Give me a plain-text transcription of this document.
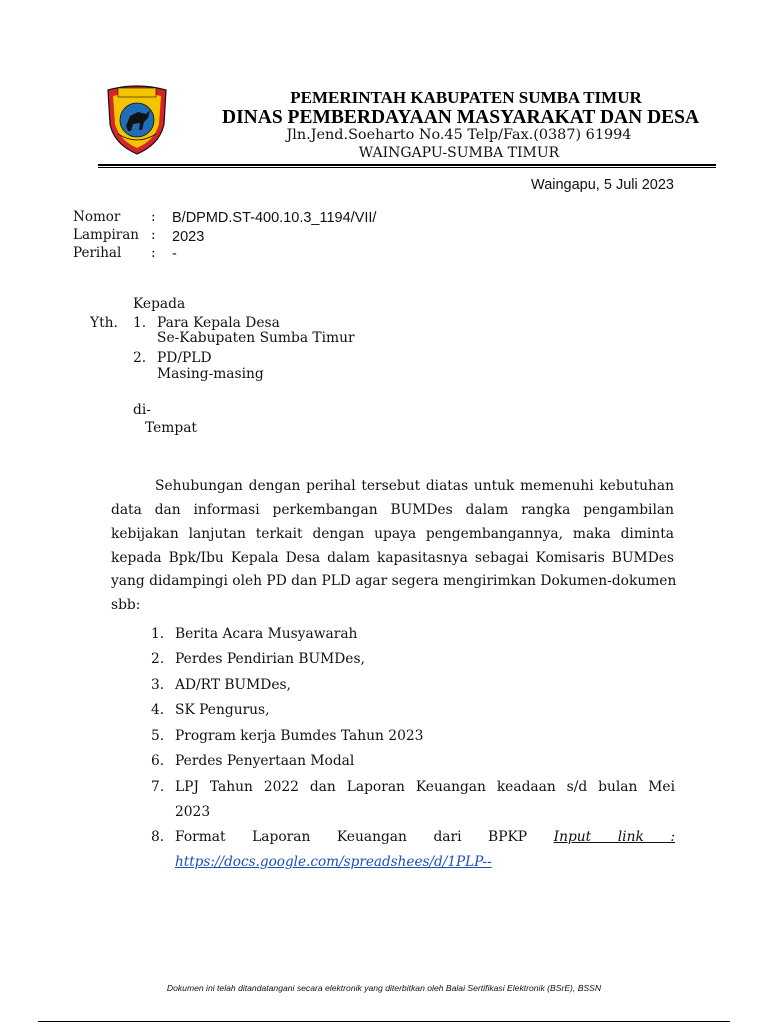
PEMERINTAH KABUPATEN SUMBA TIMUR
DINAS PEMBERDAYAAN MASYARAKAT DAN DESA
Jln.Jend.Soeharto No.45 Telp/Fax.(0387) 61994
WAINGAPU-SUMBA TIMUR
Waingapu, 5 Juli 2023
Nomor : B/DPMD.ST-400.10.3_1194/VII/
Lampiran : 2023
Perihal : -
Kepada
Yth. 1. Para Kepala Desa
Se-Kabupaten Sumba Timur
2. PD/PLD
Masing-masing
di-
Tempat
Sehubungan dengan perihal tersebut diatas untuk memenuhi kebutuhan
data dan informasi perkembangan BUMDes dalam rangka pengambilan
kebijakan lanjutan terkait dengan upaya pengembangannya, maka diminta
kepada Bpk/Ibu Kepala Desa dalam kapasitasnya sebagai Komisaris BUMDes
yang didampingi oleh PD dan PLD agar segera mengirimkan Dokumen-dokumen
sbb:
1. Berita Acara Musyawarah
2. Perdes Pendirian BUMDes,
3. AD/RT BUMDes,
4. SK Pengurus,
5. Program kerja Bumdes Tahun 2023
6. Perdes Penyertaan Modal
7. LPJ Tahun 2022 dan Laporan Keuangan keadaan s/d bulan Mei
2023
8. Format Laporan Keuangan dari BPKP Input link :
https://docs.google.com/spreadshees/d/1PLP--
Dokumen ini telah ditandatangani secara elektronik yang diterbitkan oleh Balai Sertifikasi Elektronik (BSrE), BSSN
